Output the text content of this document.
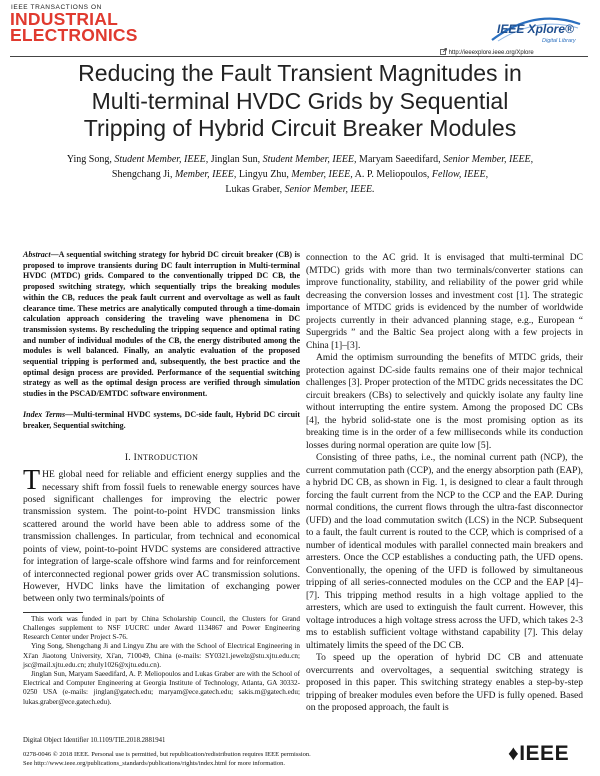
IEEE TRANSACTIONS ON
INDUSTRIAL
ELECTRONICS	IEEE Xplore®
Digital Library
http://ieeexplore.ieee.org/Xplore
Reducing the Fault Transient Magnitudes in
Multi-terminal HVDC Grids by Sequential
Tripping of Hybrid Circuit Breaker Modules
Ying Song, Student Member, IEEE, Jinglan Sun, Student Member, IEEE, Maryam Saeedifard, Senior Member, IEEE, Shengchang Ji, Member, IEEE, Lingyu Zhu, Member, IEEE, A. P. Meliopoulos, Fellow, IEEE,
Lukas Graber, Senior Member, IEEE.

Abstract—A sequential switching strategy for hybrid DC circuit breaker (CB) is proposed to improve transients during DC fault interruption in Multi-terminal HVDC (MTDC) grids. Compared to the conventionally tripped DC CB, the proposed switching strategy, which sequentially trips the breaking modules within the CB, reduces the peak fault current and overvoltage as well as fault clearance time. These metrics are analytically computed through a time-domain calculation approach considering the traveling wave phenomena in DC transmission systems. By rescheduling the tripping sequence and optimal rating and number of individual modules of the CB, the energy distributed among the modules is well balanced. Finally, an analytic evaluation of the proposed sequential tripping is performed and, subsequently, the best practice and the optimal design process are provided. Performance of the sequential switching strategy as well as the optimal design process are verified through simulation studies in the PSCAD/EMTDC software environment.

Index Terms—Multi-terminal HVDC systems, DC-side fault, Hybrid DC circuit breaker, Sequential switching.

I. INTRODUCTION

THE global need for reliable and efficient energy supplies and the necessary shift from fossil fuels to renewable energy sources have posed significant challenges for improving the electric power transmission system. The point-to-point HVDC transmission links scattered around the world have been able to address some of the transmission challenges. In particular, from technical and economical points of view, point-to-point HVDC systems are considered attractive for integration of large-scale offshore wind farms and for reinforcement of interconnected regional power grids over AC transmission solutions. However, HVDC links have the limitation of exchanging power between only two terminals/points of

This work was funded in part by China Scholarship Council, the Clusters for Grand Challenges supplement to NSF I/UCRC under Award 1134867 and Power Engineering Research Center under Project S-76.

Ying Song, Shengchang Ji and Lingyu Zhu are with the School of Electrical Engineering in Xi'an Jiaotong University, Xi'an, 710049, China (e-mails: SY0321.jewelz@stu.xjtu.edu.cn; jsc@mail.xjtu.edu.cn; zhuly1026@xjtu.edu.cn).

Jinglan Sun, Maryam Saeedifard, A. P. Meliopoulos and Lukas Graber are with the School of Electrical and Computer Engineering at Georgia Institute of Technology, Atlanta, GA 30332-0250 USA (e-mails: jinglan@gatech.edu; maryam@ece.gatech.edu; sakis.m@gatech.edu; lukas.graber@ece.gatech.edu).

connection to the AC grid. It is envisaged that multi-terminal DC (MTDC) grids with more than two terminals/converter stations can improve functionality, stability, and reliability of the power grid while decreasing the conversion losses and investment cost [1]. The strategic importance of MTDC grids is evidenced by the number of worldwide projects currently in their advanced planning stage, e.g., European “ Supergrids ” and the Baltic Sea project along with a few projects in China [1]–[3].

Amid the optimism surrounding the benefits of MTDC grids, their protection against DC-side faults remains one of their major technical challenges [3]. Proper protection of the MTDC grids necessitates the DC circuit breakers (CBs) to selectively and quickly isolate any faulty line without interrupting the entire system. Among the proposed DC CBs [4], the hybrid solid-state one is the most promising option as its breaking time is in the order of a few milliseconds while its conduction losses during normal operation are quite low [5].

Consisting of three paths, i.e., the nominal current path (NCP), the current commutation path (CCP), and the energy absorption path (EAP), a hybrid DC CB, as shown in Fig. 1, is designed to clear a fault through forcing the fault current from the NCP to the CCP and the EAP. During normal conditions, the current flows through the ultra-fast disconnector (UFD) and the load commutation switch (LCS) in the NCP. Subsequent to a fault, the fault current is routed to the CCP, which is comprised of a number of identical modules with parallel connected main breakers and arresters. Once the CCP establishes a conducting path, the UFD opens. Conventionally, the opening of the UFD is followed by simultaneous tripping of all series-connected modules on the CCP and the EAP [4]–[7]. This tripping method results in a high voltage applied to the arresters, which are used to extinguish the fault current. However, this voltage introduces a high voltage stress across the UFD, which takes 2-3 ms to establish sufficient voltage withstand capability [7]. This delay ultimately limits the speed of the DC CB.

To speed up the operation of hybrid DC CB and attenuate overcurrents and overvoltages, a sequential switching strategy is proposed in this paper. This switching strategy enables a step-by-step tripping of breaker modules even before the UFD is fully opened. Based on the proposed approach, the fault is

Digital Object Identifier 10.1109/TIE.2018.2881941
0278-0046 © 2018 IEEE. Personal use is permitted, but republication/redistribution requires IEEE permission.
See http://www.ieee.org/publications_standards/publications/rights/index.html for more information.	♦IEEE
